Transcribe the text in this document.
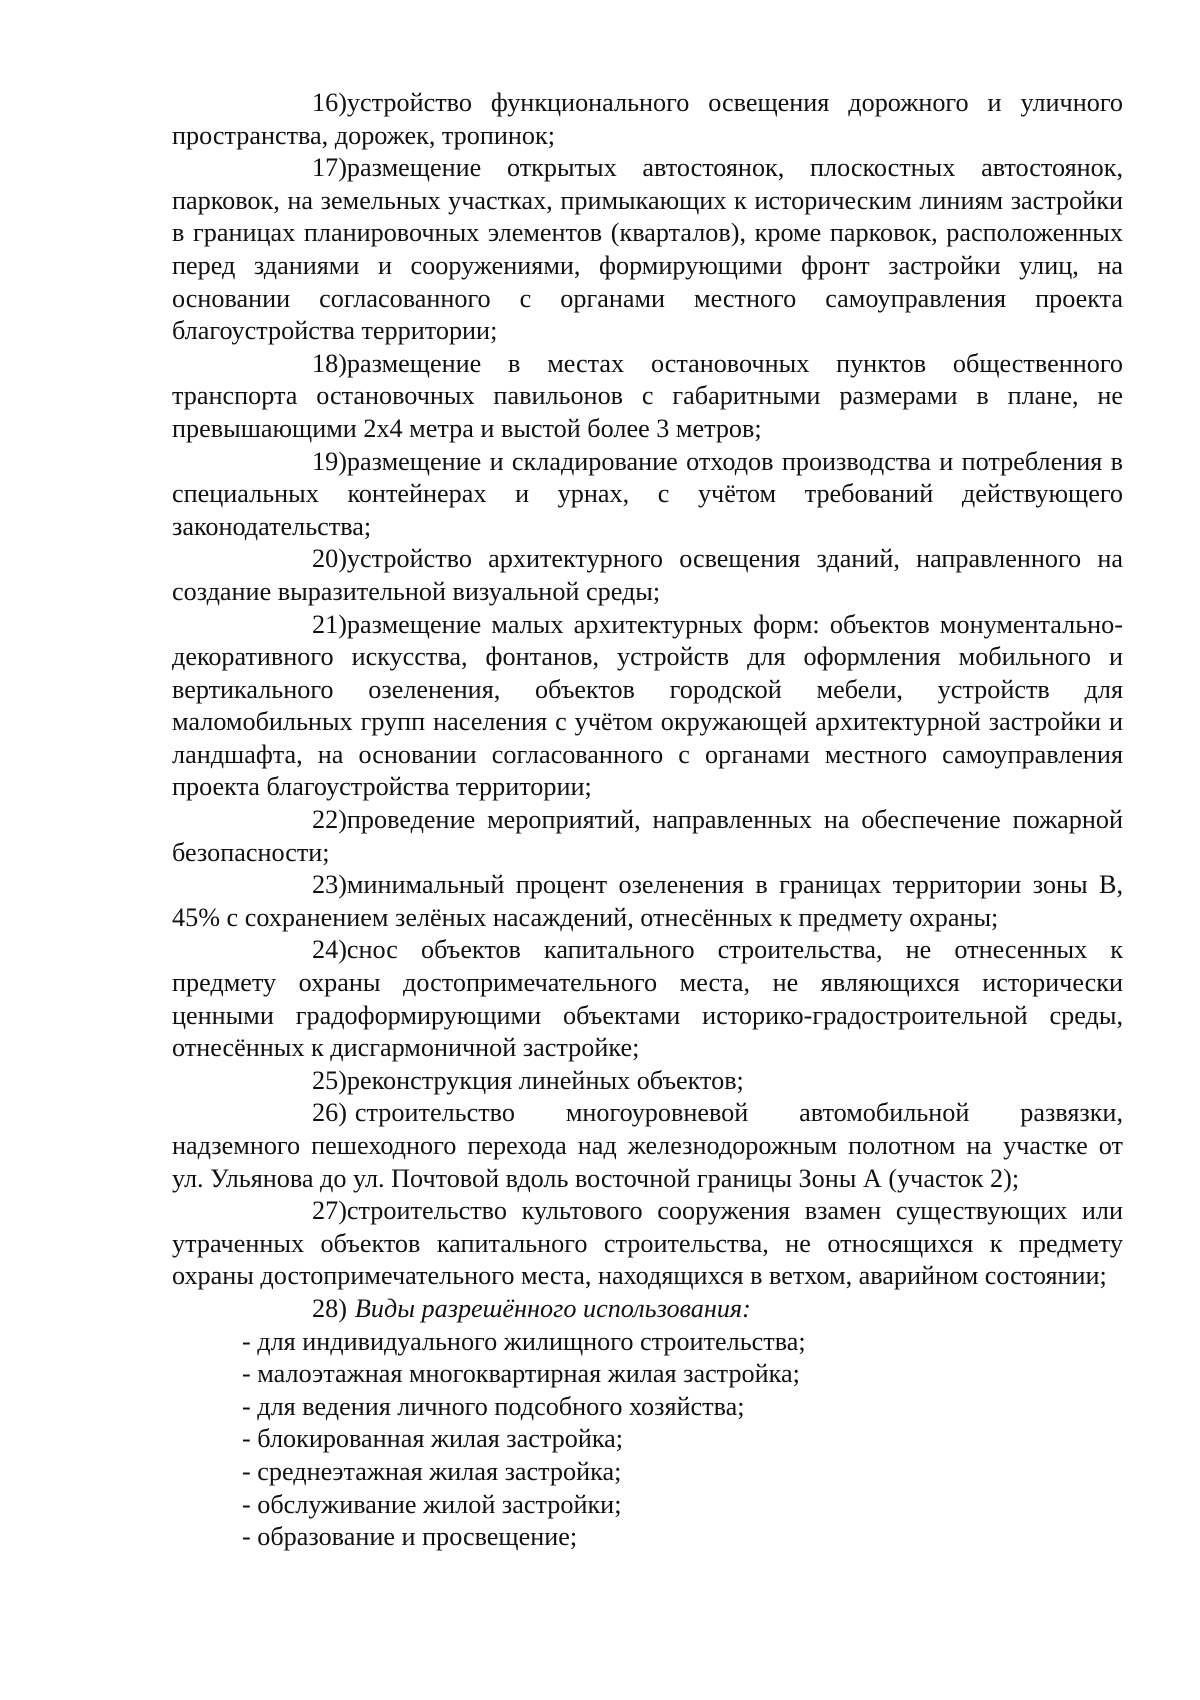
16)устройство функционального освещения дорожного и уличного пространства, дорожек, тропинок;

17)размещение открытых автостоянок, плоскостных автостоянок, парковок, на земельных участках, примыкающих к историческим линиям застройки в границах планировочных элементов (кварталов), кроме парковок, расположенных перед зданиями и сооружениями, формирующими фронт застройки улиц, на основании согласованного с органами местного самоуправления проекта благоустройства территории;

18)размещение в местах остановочных пунктов общественного транспорта остановочных павильонов с габаритными размерами в плане, не превышающими 2х4 метра и выстой более 3 метров;

19)размещение и складирование отходов производства и потребления в специальных контейнерах и урнах, с учётом требований действующего законодательства;

20)устройство архитектурного освещения зданий, направленного на создание выразительной визуальной среды;

21)размещение малых архитектурных форм: объектов монументально-декоративного искусства, фонтанов, устройств для оформления мобильного и вертикального озеленения, объектов городской мебели, устройств для маломобильных групп населения с учётом окружающей архитектурной застройки и ландшафта, на основании согласованного с органами местного самоуправления проекта благоустройства территории;

22)проведение мероприятий, направленных на обеспечение пожарной безопасности;

23)минимальный процент озеленения в границах территории зоны В, 45% с сохранением зелёных насаждений, отнесённых к предмету охраны;

24)снос объектов капитального строительства, не отнесенных к предмету охраны достопримечательного места, не являющихся исторически ценными градоформирующими объектами историко-градостроительной среды, отнесённых к дисгармоничной застройке;

25)реконструкция линейных объектов;

26) строительство многоуровневой автомобильной развязки, надземного пешеходного перехода над железнодорожным полотном на участке от ул. Ульянова до ул. Почтовой вдоль восточной границы Зоны А (участок 2);

27)строительство культового сооружения взамен существующих или утраченных объектов капитального строительства, не относящихся к предмету охраны достопримечательного места, находящихся в ветхом, аварийном состоянии;

28) Виды разрешённого использования:

- для индивидуального жилищного строительства;
- малоэтажная многоквартирная жилая застройка;
- для ведения личного подсобного хозяйства;
- блокированная жилая застройка;
- среднеэтажная жилая застройка;
- обслуживание жилой застройки;
- образование и просвещение;
